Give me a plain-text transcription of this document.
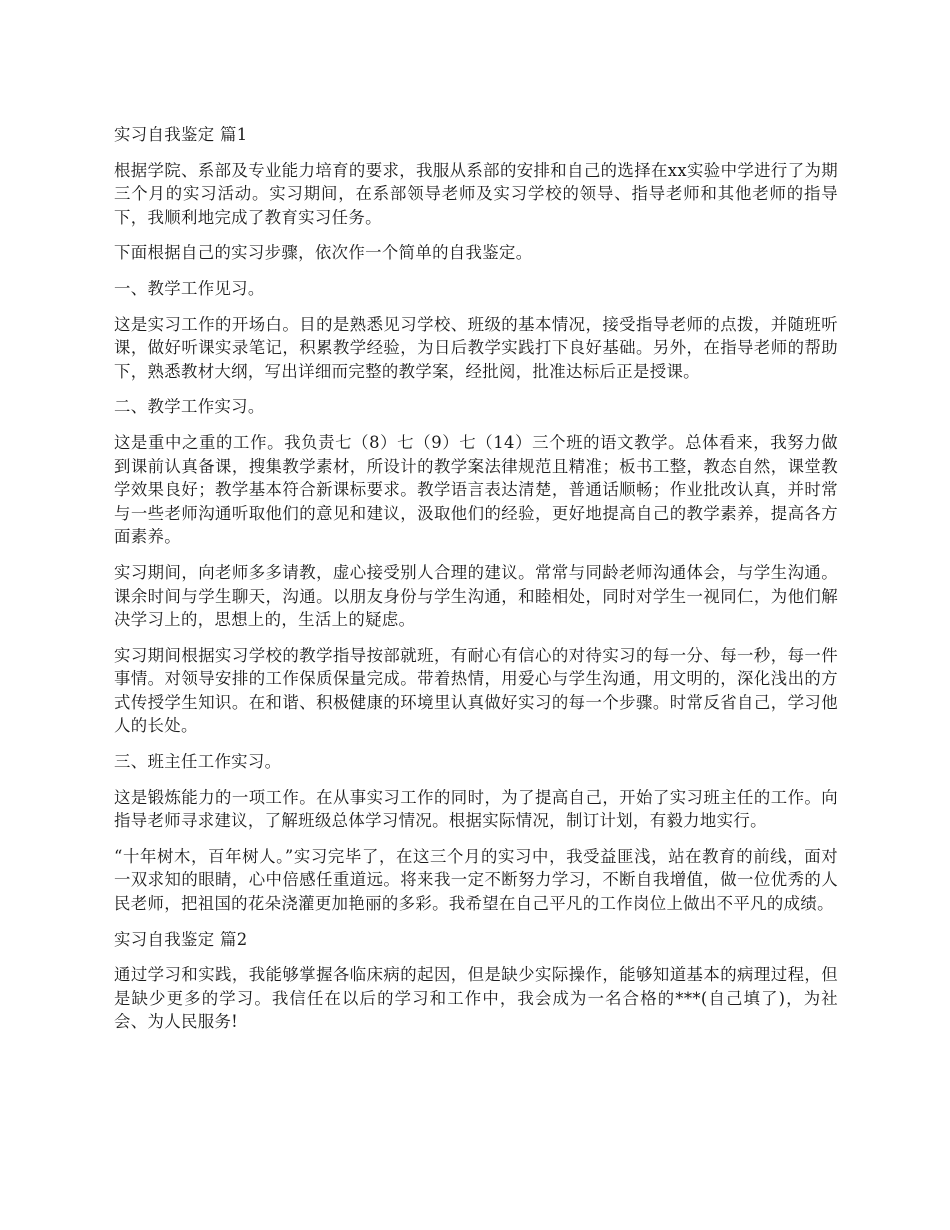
实习自我鉴定 篇1

根据学院、系部及专业能力培育的要求，我服从系部的安排和自己的选择在xx实验中学进行了为期三个月的实习活动。实习期间，在系部领导老师及实习学校的领导、指导老师和其他老师的指导下，我顺利地完成了教育实习任务。

下面根据自己的实习步骤，依次作一个简单的自我鉴定。

一、教学工作见习。

这是实习工作的开场白。目的是熟悉见习学校、班级的基本情况，接受指导老师的点拨，并随班听课，做好听课实录笔记，积累教学经验，为日后教学实践打下良好基础。另外，在指导老师的帮助下，熟悉教材大纲，写出详细而完整的教学案，经批阅，批准达标后正是授课。

二、教学工作实习。

这是重中之重的工作。我负责七（8）七（9）七（14）三个班的语文教学。总体看来，我努力做到课前认真备课，搜集教学素材，所设计的教学案法律规范且精准；板书工整，教态自然，课堂教学效果良好；教学基本符合新课标要求。教学语言表达清楚，普通话顺畅；作业批改认真，并时常与一些老师沟通听取他们的意见和建议，汲取他们的经验，更好地提高自己的教学素养，提高各方面素养。

实习期间，向老师多多请教，虚心接受别人合理的建议。常常与同龄老师沟通体会，与学生沟通。课余时间与学生聊天，沟通。以朋友身份与学生沟通，和睦相处，同时对学生一视同仁，为他们解决学习上的，思想上的，生活上的疑虑。

实习期间根据实习学校的教学指导按部就班，有耐心有信心的对待实习的每一分、每一秒，每一件事情。对领导安排的工作保质保量完成。带着热情，用爱心与学生沟通，用文明的，深化浅出的方式传授学生知识。在和谐、积极健康的环境里认真做好实习的每一个步骤。时常反省自己，学习他人的长处。

三、班主任工作实习。

这是锻炼能力的一项工作。在从事实习工作的同时，为了提高自己，开始了实习班主任的工作。向指导老师寻求建议，了解班级总体学习情况。根据实际情况，制订计划，有毅力地实行。

“十年树木，百年树人。”实习完毕了，在这三个月的实习中，我受益匪浅，站在教育的前线，面对一双求知的眼睛，心中倍感任重道远。将来我一定不断努力学习，不断自我增值，做一位优秀的人民老师，把祖国的花朵浇灌更加艳丽的多彩。我希望在自己平凡的工作岗位上做出不平凡的成绩。

实习自我鉴定 篇2

通过学习和实践，我能够掌握各临床病的起因，但是缺少实际操作，能够知道基本的病理过程，但是缺少更多的学习。我信任在以后的学习和工作中，我会成为一名合格的***(自己填了)，为社会、为人民服务!
